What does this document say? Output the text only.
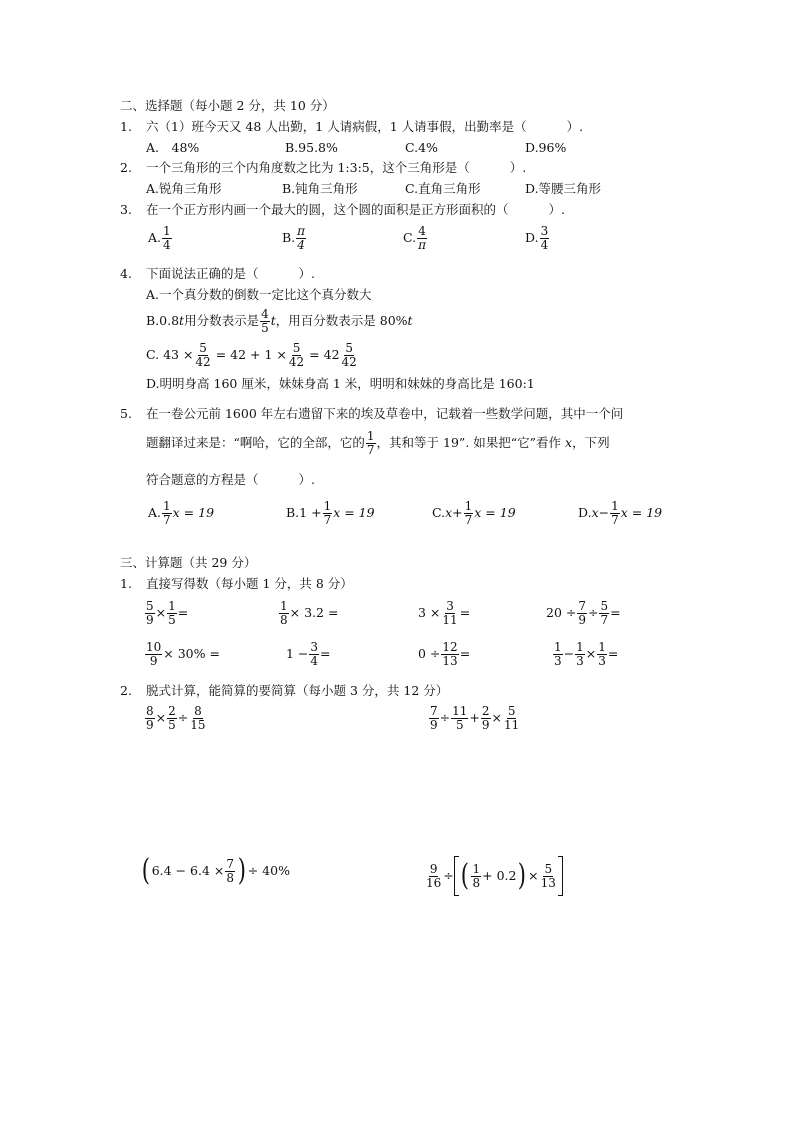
二、选择题（每小题 2 分，共 10 分）
1. 六（1）班今天又 48 人出勤，1 人请病假，1 人请事假，出勤率是（	）.
A.　48%	B.95.8%	C.4%	D.96%
2. 一个三角形的三个内角度数之比为 1:3:5，这个三角形是（	）.
A.锐角三角形	B.钝角三角形	C.直角三角形	D.等腰三角形
3. 在一个正方形内画一个最大的圆，这个圆的面积是正方形面积的（	）.
A. $\frac{1}{4}$	B. $\frac{\pi}{4}$	C. $\frac{4}{\pi}$	D. $\frac{3}{4}$
4. 下面说法正确的是（	）.
A.一个真分数的倒数一定比这个真分数大
B.0.8 t 用分数表示是 $\frac{4}{5}$ t ，用百分数表示是 80% t
C. $43 \times \frac{5}{42} = 42 + 1 \times \frac{5}{42} = 42 \frac{5}{42}$
D.明明身高 160 厘米，妹妹身高 1 米，明明和妹妹的身高比是 160:1
5. 在一卷公元前 1600 年左右遗留下来的埃及草卷中，记载着一些数学问题，其中一个问
题翻译过来是：“啊哈，它的全部，它的 $\frac{1}{7}$ ，其和等于 19”. 如果把“它”看作 x ，下列
符合题意的方程是（	）.
A. $\frac{1}{7}$ x = 19	$B.1 + \frac{1}{7}$ x = 19	C. $x + \frac{1}{7}$ x = 19	D. $x - \frac{1}{7}$ x = 19
三、计算题（共 29 分）
1. 直接写得数（每小题 1 分，共 8 分）
$\frac{5}{9} \times \frac{1}{5}$ =	$\frac{1}{8} \times 3.2$ =	$3 \times \frac{3}{11}$ =	$20 \div \frac{7}{9} \div \frac{5}{7}$ =
$\frac{10}{9} \times 30\%$ =	$1 - \frac{3}{4}$ =	$0 \div \frac{12}{13}$ =	$\frac{1}{3} - \frac{1}{3} \times \frac{1}{3}$ =
2. 脱式计算，能简算的要简算（每小题 3 分，共 12 分）
$\frac{8}{9} \times \frac{2}{5} \div \frac{8}{15}$	$\frac{7}{9} \div \frac{11}{5} + \frac{2}{9} \times \frac{5}{11}$
( $6.4 - 6.4 \times \frac{7}{8}$ ) ÷ 40%	$\frac{9}{16}$ ÷ ( $\frac{1}{8} + 0.2$ ) × $\frac{5}{13}$
